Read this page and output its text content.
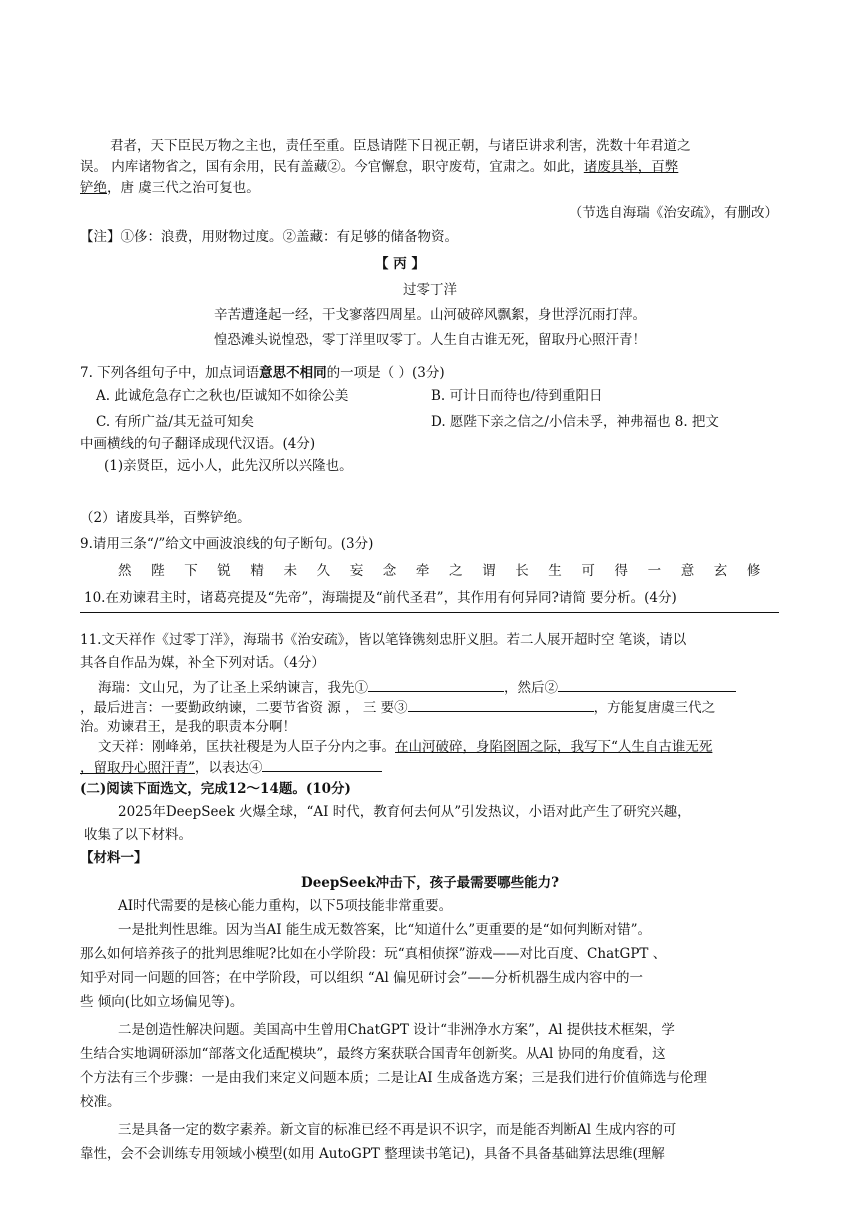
君者，天下臣民万物之主也，责任至重。臣恳请陛下日视正朝，与诸臣讲求利害，洗数十年君道之
误。 内库诸物省之，国有余用，民有盖藏②。今官懈怠，职守废苟，宜肃之。如此，诸废具举，百弊
铲绝，唐 虞三代之治可复也。
（节选自海瑞《治安疏》，有删改）
【注】①侈：浪费，用财物过度。②盖藏：有足够的储备物资。
【 丙 】
过零丁洋
辛苦遭逢起一经，干戈寥落四周星。山河破碎风飘絮，身世浮沉雨打萍。
惶恐滩头说惶恐，零丁洋里叹零丁。人生自古谁无死，留取丹心照汗青！
7. 下列各组句子中，加点词语意思不相同的一项是（ ）(3分)
A. 此诚危急存亡之秋也/臣诚知不如徐公美	B. 可计日而待也/待到重阳日
C. 有所广益/其无益可知矣	D. 愿陛下亲之信之/小信未孚，神弗福也 8. 把文
中画横线的句子翻译成现代汉语。(4分)
(1)亲贤臣，远小人，此先汉所以兴隆也。
（2）诸废具举，百弊铲绝。
9.请用三条“/”给文中画波浪线的句子断句。(3分)
然陛下锐精未久妄念牵之谓长生可得一意玄修
10.在劝谏君主时，诸葛亮提及“先帝”，海瑞提及“前代圣君”，其作用有何异同?请简 要分析。(4分)
11.文天祥作《过零丁洋》，海瑞书《治安疏》，皆以笔锋镌刻忠肝义胆。若二人展开超时空 笔谈，请以
其各自作品为媒，补全下列对话。（4分）
海瑞：文山兄，为了让圣上采纳谏言，我先①	，然后②
，最后进言：一要勤政纳谏，二要节省资 源 ， 三 要③	，方能复唐虞三代之
治。劝谏君王，是我的职责本分啊！
文天祥：刚峰弟，匡扶社稷是为人臣子分内之事。在山河破碎，身陷囹圄之际，我写下“人生自古谁无死
，留取丹心照汗青”，以表达④
(二)阅读下面选文，完成12～14题。(10分)
2025年DeepSeek 火爆全球，“AI 时代，教育何去何从”引发热议，小语对此产生了研究兴趣，
收集了以下材料。
【材料一】
DeepSeek冲击下，孩子最需要哪些能力?
AI时代需要的是核心能力重构，以下5项技能非常重要。
一是批判性思维。因为当AI 能生成无数答案，比“知道什么”更重要的是“如何判断对错”。
那么如何培养孩子的批判思维呢?比如在小学阶段：玩“真相侦探”游戏——对比百度、ChatGPT 、
知乎对同一问题的回答；在中学阶段，可以组织 “Al 偏见研讨会”——分析机器生成内容中的一
些 倾向(比如立场偏见等)。
二是创造性解决问题。美国高中生曾用ChatGPT 设计“非洲净水方案”，Al 提供技术框架，学
生结合实地调研添加“部落文化适配模块”，最终方案获联合国青年创新奖。从Al 协同的角度看，这
个方法有三个步骤：一是由我们来定义问题本质；二是让AI 生成备选方案；三是我们进行价值筛选与伦理
校准。
三是具备一定的数字素养。新文盲的标准已经不再是识不识字，而是能否判断Al 生成内容的可
靠性，会不会训练专用领域小模型(如用 AutoGPT 整理读书笔记)，具备不具备基础算法思维(理解
